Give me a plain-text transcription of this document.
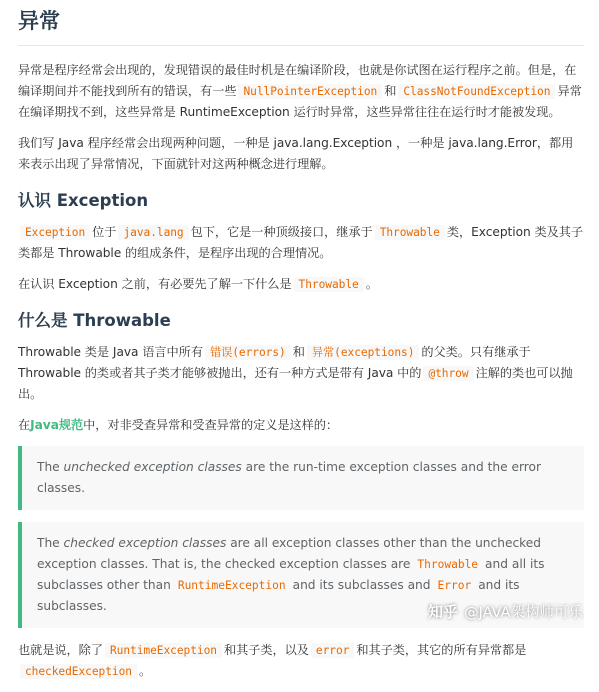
异常

异常是程序经常会出现的，发现错误的最佳时机是在编译阶段，也就是你试图在运行程序之前。但是，在编译期间并不能找到所有的错误，有一些 NullPointerException 和 ClassNotFoundException 异常在编译期找不到，这些异常是 RuntimeException 运行时异常，这些异常往往在运行时才能被发现。

我们写 Java 程序经常会出现两种问题，一种是 java.lang.Exception ，一种是 java.lang.Error，都用来表示出现了异常情况，下面就针对这两种概念进行理解。

认识 Exception

Exception 位于 java.lang 包下，它是一种顶级接口，继承于 Throwable 类，Exception 类及其子类都是 Throwable 的组成条件，是程序出现的合理情况。

在认识 Exception 之前，有必要先了解一下什么是 Throwable 。

什么是 Throwable

Throwable 类是 Java 语言中所有 错误(errors) 和 异常(exceptions) 的父类。只有继承于 Throwable 的类或者其子类才能够被抛出，还有一种方式是带有 Java 中的 @throw 注解的类也可以抛出。

在Java规范中，对非受查异常和受查异常的定义是这样的：

The unchecked exception classes are the run-time exception classes and the error classes.
The checked exception classes are all exception classes other than the unchecked exception classes. That is, the checked exception classes are Throwable and all its subclasses other than RuntimeException and its subclasses and Error and its subclasses.

也就是说，除了 RuntimeException 和其子类，以及 error 和其子类，其它的所有异常都是checkedException 。

知乎 @JAVA架构师可乐
